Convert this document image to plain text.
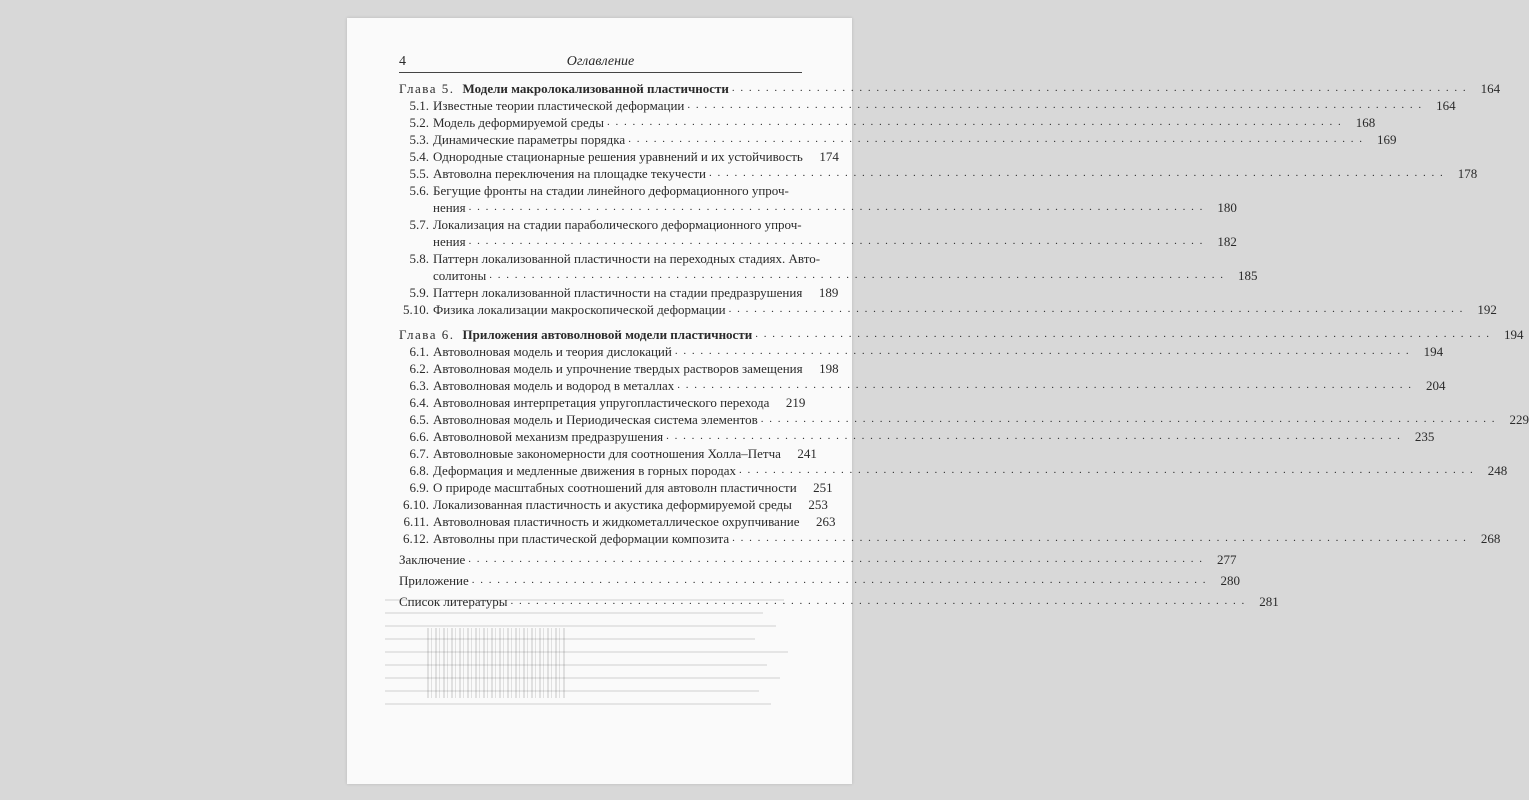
4	Оглавление
Глава 5. Модели макролокализованной пластичности . . .	164
5.1. Известные теории пластической деформации . . .	164
5.2. Модель деформируемой среды . . .	168
5.3. Динамические параметры порядка . . .	169
5.4. Однородные стационарные решения уравнений и их устойчивость	174
5.5. Автоволна переключения на площадке текучести . . .	178
5.6. Бегущие фронты на стадии линейного деформационного упроч-
нения . . .	180
5.7. Локализация на стадии параболического деформационного упроч-
нения . . .	182
5.8. Паттерн локализованной пластичности на переходных стадиях. Авто-
солитоны . . .	185
5.9. Паттерн локализованной пластичности на стадии предразрушения	189
5.10. Физика локализации макроскопической деформации . . .	192
Глава 6. Приложения автоволновой модели пластичности . . .	194
6.1. Автоволновая модель и теория дислокаций . . .	194
6.2. Автоволновая модель и упрочнение твердых растворов замещения	198
6.3. Автоволновая модель и водород в металлах . . .	204
6.4. Автоволновая интерпретация упругопластического перехода	219
6.5. Автоволновая модель и Периодическая система элементов . . .	229
6.6. Автоволновой механизм предразрушения . . .	235
6.7. Автоволновые закономерности для соотношения Холла–Петча	241
6.8. Деформация и медленные движения в горных породах . . .	248
6.9. О природе масштабных соотношений для автоволн пластичности	251
6.10. Локализованная пластичность и акустика деформируемой среды	253
6.11. Автоволновая пластичность и жидкометаллическое охрупчивание	263
6.12. Автоволны при пластической деформации композита . . .	268
Заключение . . .	277
Приложение . . .	280
Список литературы . . .	281
